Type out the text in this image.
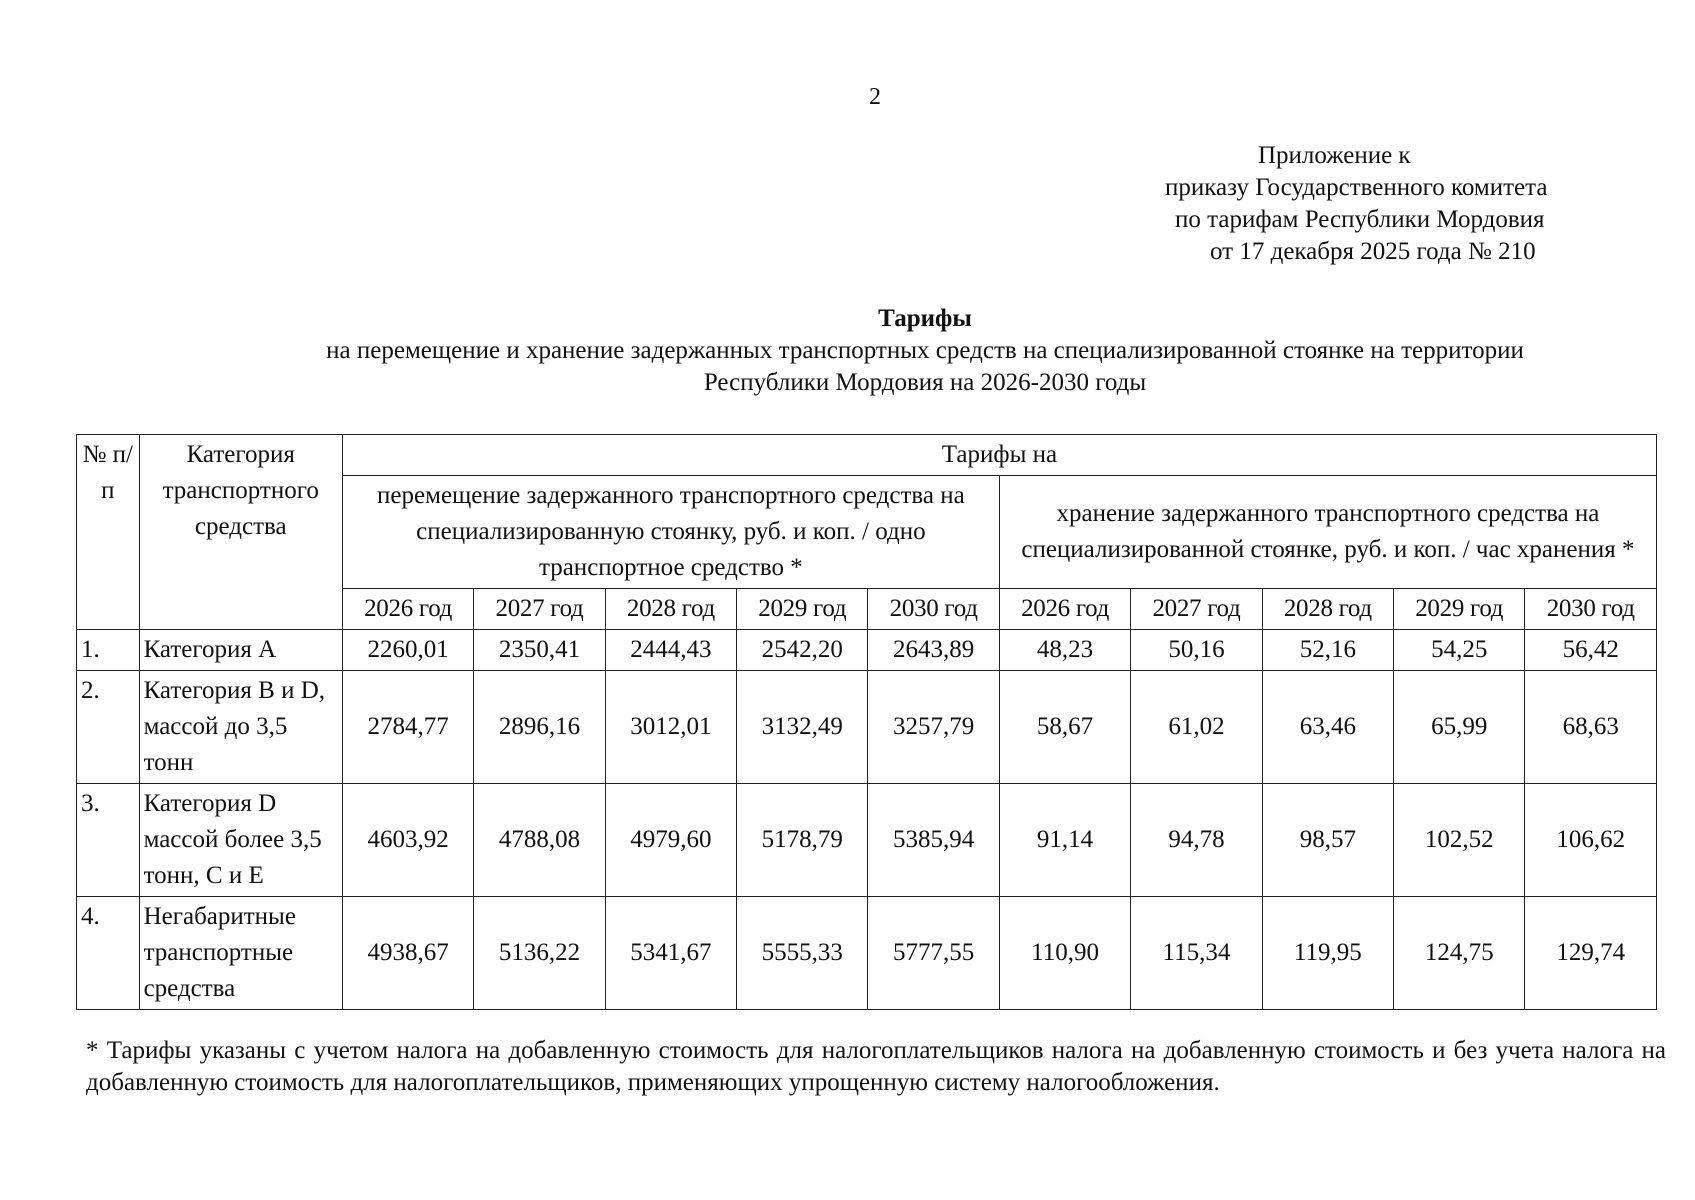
2
Приложение к
приказу Государственного комитета
по тарифам Республики Мордовия
от 17 декабря 2025 года № 210
Тарифы
на перемещение и хранение задержанных транспортных средств на специализированной стоянке на территории
Республики Мордовия на 2026-2030 годы
№ п/п	Категория транспортного средства	Тарифы на									
		перемещение задержанного транспортного средства на специализированную стоянку, руб. и коп. / одно транспортное средство *					хранение задержанного транспортного средства на специализированной стоянке, руб. и коп. / час хранения *				
		2026 год	2027 год	2028 год	2029 год	2030 год	2026 год	2027 год	2028 год	2029 год	2030 год
1.	Категория А	2260,01	2350,41	2444,43	2542,20	2643,89	48,23	50,16	52,16	54,25	56,42
2.	Категория В и D, массой до 3,5 тонн	2784,77	2896,16	3012,01	3132,49	3257,79	58,67	61,02	63,46	65,99	68,63
3.	Категория D массой более 3,5 тонн, С и Е	4603,92	4788,08	4979,60	5178,79	5385,94	91,14	94,78	98,57	102,52	106,62
4.	Негабаритные транспортные средства	4938,67	5136,22	5341,67	5555,33	5777,55	110,90	115,34	119,95	124,75	129,74
* Тарифы указаны с учетом налога на добавленную стоимость для налогоплательщиков налога на добавленную стоимость и без учета налога на добавленную стоимость для налогоплательщиков, применяющих упрощенную систему налогообложения.
